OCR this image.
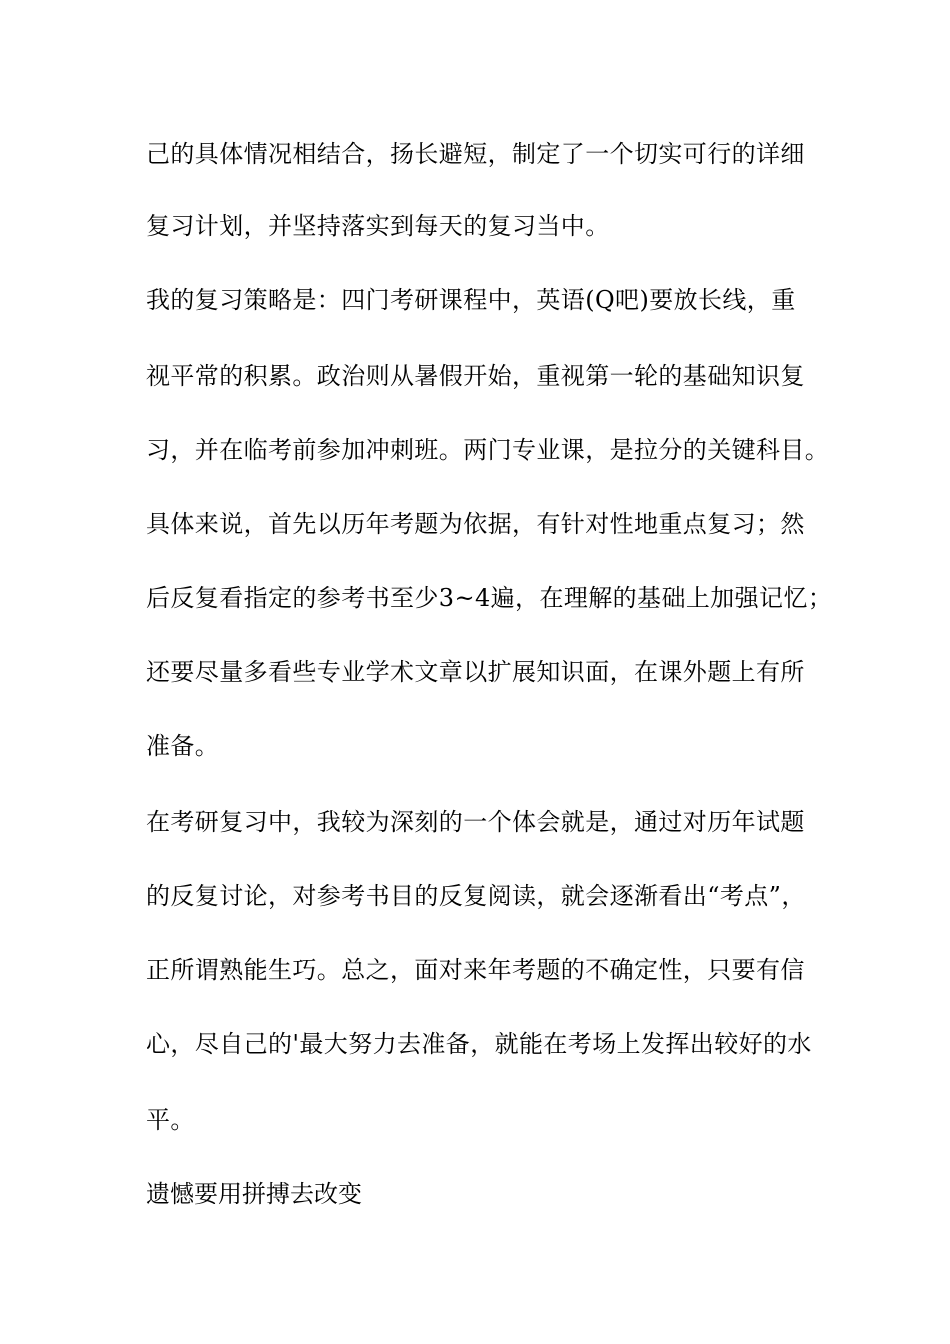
己的具体情况相结合，扬长避短，制定了一个切实可行的详细
复习计划，并坚持落实到每天的复习当中。
我的复习策略是：四门考研课程中，英语(Q吧)要放长线，重
视平常的积累。政治则从暑假开始，重视第一轮的基础知识复
习，并在临考前参加冲刺班。两门专业课，是拉分的关键科目。
具体来说，首先以历年考题为依据，有针对性地重点复习；然
后反复看指定的参考书至少3~4遍，在理解的基础上加强记忆；
还要尽量多看些专业学术文章以扩展知识面，在课外题上有所
准备。
在考研复习中，我较为深刻的一个体会就是，通过对历年试题
的反复讨论，对参考书目的反复阅读，就会逐渐看出“考点”，
正所谓熟能生巧。总之，面对来年考题的不确定性，只要有信
心，尽自己的'最大努力去准备，就能在考场上发挥出较好的水
平。
遗憾要用拼搏去改变
